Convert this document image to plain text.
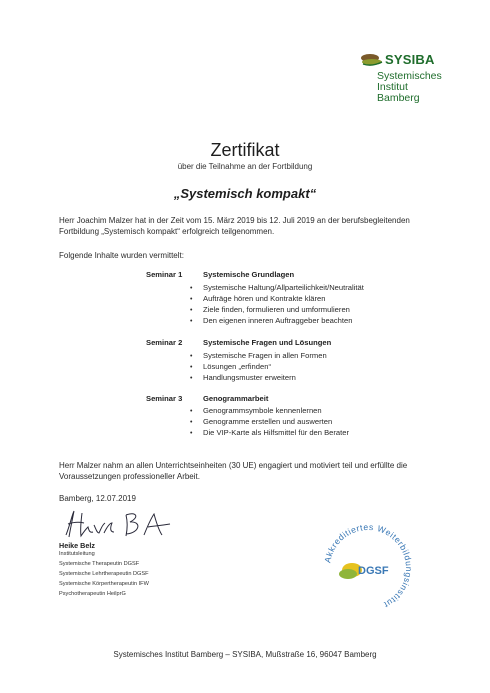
SYSIBA
Systemisches
Institut
Bamberg
Zertifikat
über die Teilnahme an der Fortbildung
„Systemisch kompakt“
Herr Joachim Malzer hat in der Zeit vom 15. März 2019 bis 12. Juli 2019 an der berufsbegleitenden
Fortbildung „Systemisch kompakt“ erfolgreich teilgenommen.
Folgende Inhalte wurden vermittelt:
Seminar 1	Systemische Grundlagen
• Systemische Haltung/Allparteilichkeit/Neutralität
• Aufträge hören und Kontrakte klären
• Ziele finden, formulieren und umformulieren
• Den eigenen inneren Auftraggeber beachten
Seminar 2	Systemische Fragen und Lösungen
• Systemische Fragen in allen Formen
• Lösungen „erfinden“
• Handlungsmuster erweitern
Seminar 3	Genogrammarbeit
• Genogrammsymbole kennenlernen
• Genogramme erstellen und auswerten
• Die VIP-Karte als Hilfsmittel für den Berater
Herr Malzer nahm an allen Unterrichtseinheiten (30 UE) engagiert und motiviert teil und erfüllte die
Voraussetzungen professioneller Arbeit.
Bamberg, 12.07.2019
Heike Belz
Institutsleitung
Systemische Therapeutin DGSF
Systemische Lehrtherapeutin DGSF
Systemische Körpertherapeutin IFW
Psychotherapeutin HeilprG
Akkreditiertes Weiterbildungsinstitut
DGSF
Systemisches Institut Bamberg – SYSIBA, Mußstraße 16, 96047 Bamberg
